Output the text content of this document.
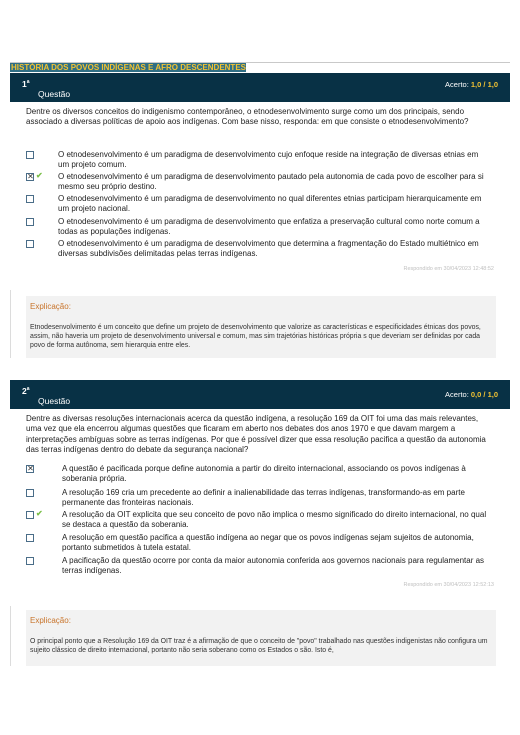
HISTÓRIA DOS POVOS INDÍGENAS E AFRO DESCENDENTES
1$^a$
Questão
Acerto: 1,0 / 1,0
Dentre os diversos conceitos do indigenismo contemporâneo, o etnodesenvolvimento surge como um dos principais, sendo associado a diversas políticas de apoio aos indígenas. Com base nisso, responda: em que consiste o etnodesenvolvimento?
O etnodesenvolvimento é um paradigma de desenvolvimento cujo enfoque reside na integração de diversas etnias em um projeto comum.
✕ ✔ O etnodesenvolvimento é um paradigma de desenvolvimento pautado pela autonomia de cada povo de escolher para si mesmo seu próprio destino.
O etnodesenvolvimento é um paradigma de desenvolvimento no qual diferentes etnias participam hierarquicamente em um projeto nacional.
O etnodesenvolvimento é um paradigma de desenvolvimento que enfatiza a preservação cultural como norte comum a todas as populações indígenas.
O etnodesenvolvimento é um paradigma de desenvolvimento que determina a fragmentação do Estado multiétnico em diversas subdivisões delimitadas pelas terras indígenas.
Respondido em 30/04/2023 12:48:52
Explicação:
Etnodesenvolvimento é um conceito que define um projeto de desenvolvimento que valorize as características e especificidades étnicas dos povos, assim, não haveria um projeto de desenvolvimento universal e comum, mas sim trajetórias históricas própria s que deveriam ser definidas por cada povo de forma autônoma, sem hierarquia entre eles.
2$^a$
Questão
Acerto: 0,0 / 1,0
Dentre as diversas resoluções internacionais acerca da questão indígena, a resolução 169 da OIT foi uma das mais relevantes, uma vez que ela encerrou algumas questões que ficaram em aberto nos debates dos anos 1970 e que davam margem a interpretações ambíguas sobre as terras indígenas. Por que é possível dizer que essa resolução pacifica a questão da autonomia das terras indígenas dentro do debate da segurança nacional?
✕	A questão é pacificada porque define autonomia a partir do direito internacional, associando os povos indígenas à soberania própria.
A resolução 169 cria um precedente ao definir a inalienabilidade das terras indígenas, transformando-as em parte permanente das fronteiras nacionais.
✔ A resolução da OIT explicita que seu conceito de povo não implica o mesmo significado do direito internacional, no qual se destaca a questão da soberania.
A resolução em questão pacifica a questão indígena ao negar que os povos indígenas sejam sujeitos de autonomia, portanto submetidos à tutela estatal.
A pacificação da questão ocorre por conta da maior autonomia conferida aos governos nacionais para regulamentar as terras indígenas.
Respondido em 30/04/2023 12:52:13
Explicação:
O principal ponto que a Resolução 169 da OIT traz é a afirmação de que o conceito de "povo" trabalhado nas questões indigenistas não configura um sujeito clássico de direito internacional, portanto não seria soberano como os Estados o são. Isto é,
